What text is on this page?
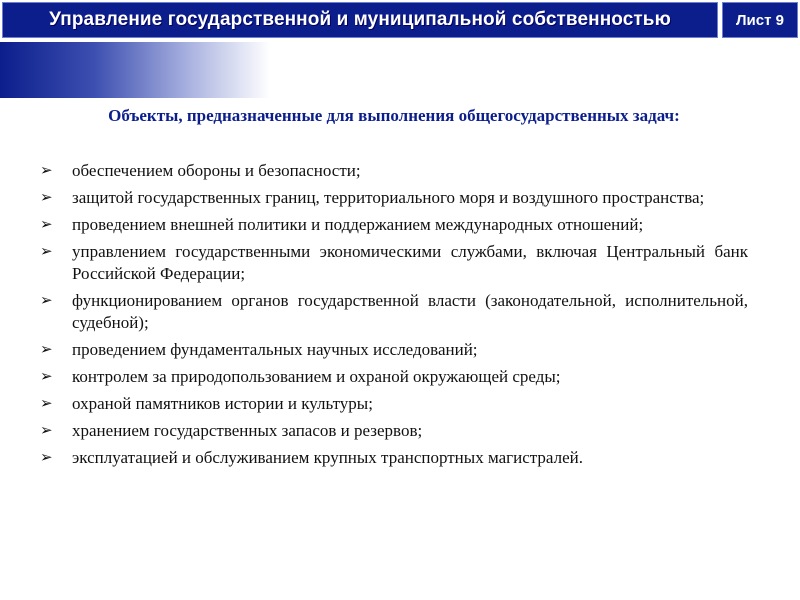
Управление государственной и муниципальной собственностью	Лист 9
Объекты, предназначенные для выполнения общегосударственных задач:
➢	обеспечением обороны и безопасности;
➢	защитой государственных границ, территориального моря и воздушного пространства;
➢	проведением внешней политики и поддержанием международных отношений;
➢	управлением государственными экономическими службами, включая Центральный банк Российской Федерации;
➢	функционированием органов государственной власти (законодательной, исполнительной, судебной);
➢	проведением фундаментальных научных исследований;
➢	контролем за природопользованием и охраной окружающей среды;
➢	охраной памятников истории и культуры;
➢	хранением государственных запасов и резервов;
➢	эксплуатацией и обслуживанием крупных транспортных магистралей.
